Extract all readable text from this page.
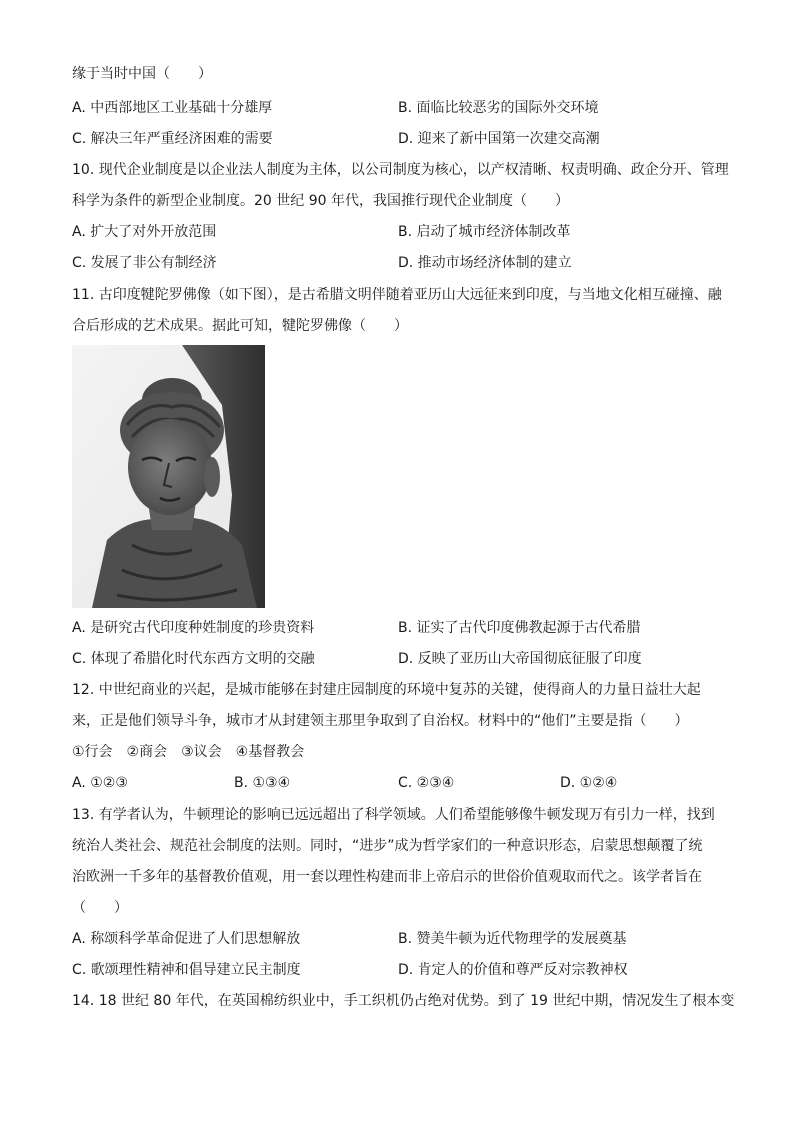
缘于当时中国（　　）
A. 中西部地区工业基础十分雄厚	B. 面临比较恶劣的国际外交环境
C. 解决三年严重经济困难的需要	D. 迎来了新中国第一次建交高潮
10. 现代企业制度是以企业法人制度为主体，以公司制度为核心，以产权清晰、权责明确、政企分开、管理
科学为条件的新型企业制度。20 世纪 90 年代，我国推行现代企业制度（　　）
A. 扩大了对外开放范围	B. 启动了城市经济体制改革
C. 发展了非公有制经济	D. 推动市场经济体制的建立
11. 古印度犍陀罗佛像（如下图），是古希腊文明伴随着亚历山大远征来到印度，与当地文化相互碰撞、融
合后形成的艺术成果。据此可知，犍陀罗佛像（　　）
A. 是研究古代印度种姓制度的珍贵资料	B. 证实了古代印度佛教起源于古代希腊
C. 体现了希腊化时代东西方文明的交融	D. 反映了亚历山大帝国彻底征服了印度
12. 中世纪商业的兴起，是城市能够在封建庄园制度的环境中复苏的关键，使得商人的力量日益壮大起
来，正是他们领导斗争，城市才从封建领主那里争取到了自治权。材料中的“他们”主要是指（　　）
①行会　②商会　③议会　④基督教会
A. ①②③	B. ①③④	C. ②③④	D. ①②④
13. 有学者认为，牛顿理论的影响已远远超出了科学领域。人们希望能够像牛顿发现万有引力一样，找到
统治人类社会、规范社会制度的法则。同时，“进步”成为哲学家们的一种意识形态，启蒙思想颠覆了统
治欧洲一千多年的基督教价值观，用一套以理性构建而非上帝启示的世俗价值观取而代之。该学者旨在
（　　）
A. 称颂科学革命促进了人们思想解放	B. 赞美牛顿为近代物理学的发展奠基
C. 歌颂理性精神和倡导建立民主制度	D. 肯定人的价值和尊严反对宗教神权
14. 18 世纪 80 年代，在英国棉纺织业中，手工织机仍占绝对优势。到了 19 世纪中期，情况发生了根本变
